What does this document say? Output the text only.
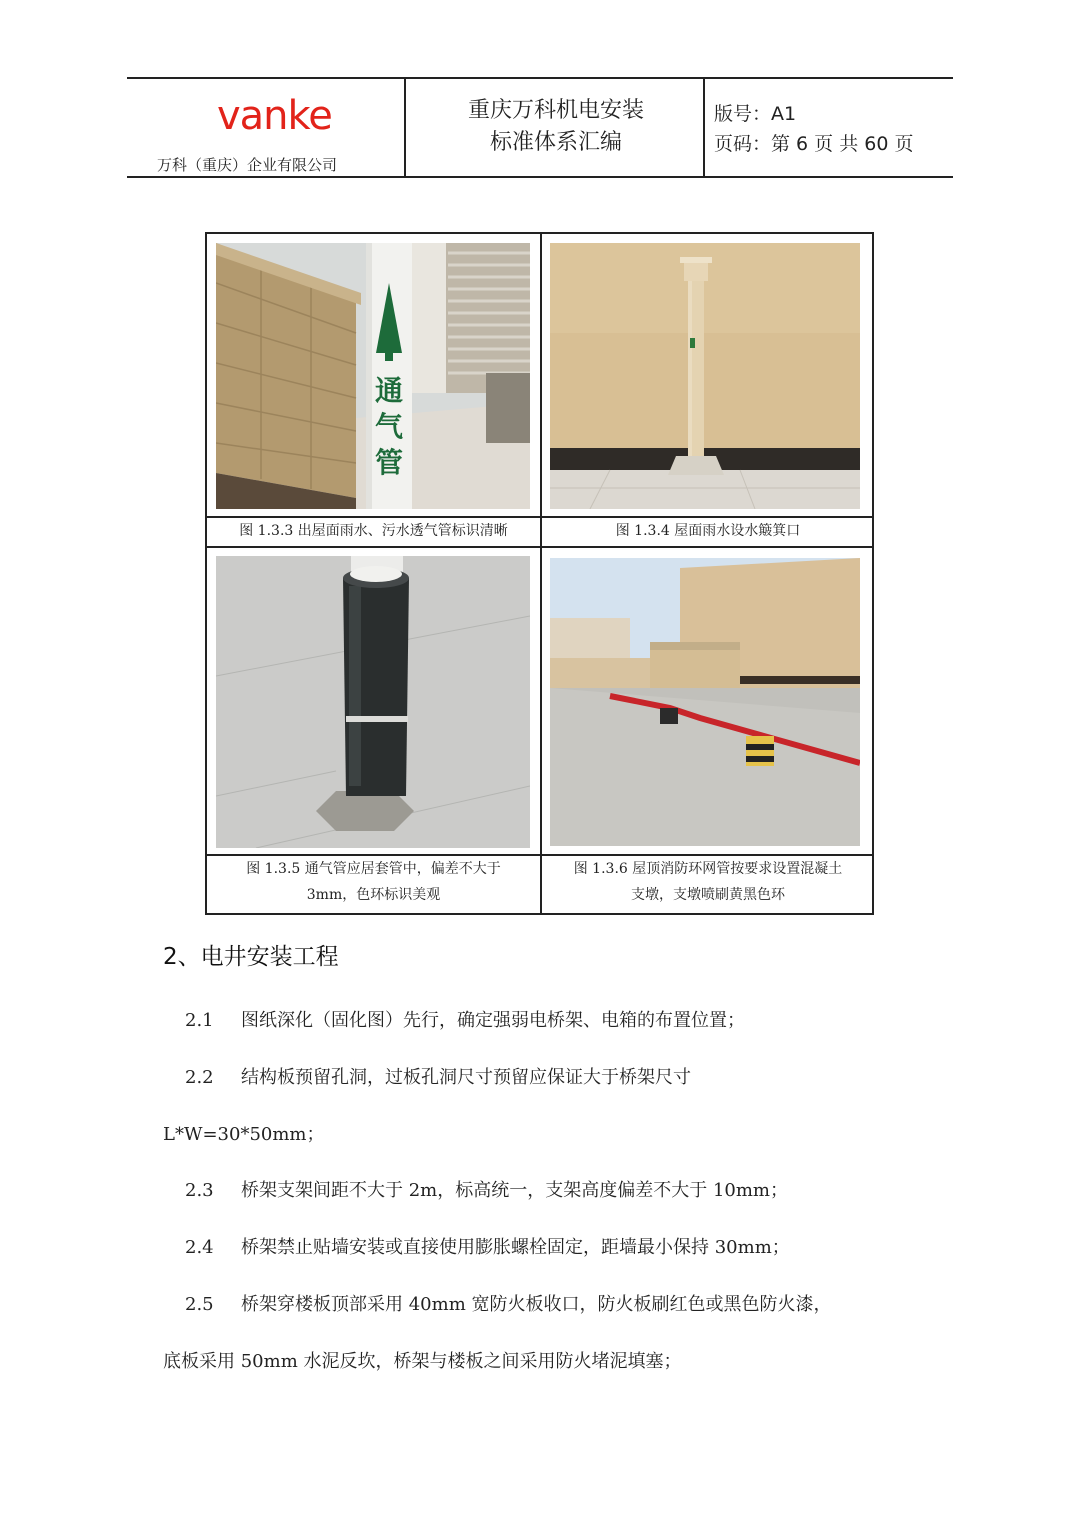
vanke
万科（重庆）企业有限公司
重庆万科机电安装
标准体系汇编
版号：A1
页码：第 6 页 共 60 页
通气管
图 1.3.3 出屋面雨水、污水透气管标识清晰	图 1.3.4 屋面雨水设水簸箕口
图 1.3.5 通气管应居套管中，偏差不大于
3mm，色环标识美观
图 1.3.6 屋顶消防环网管按要求设置混凝土
支墩，支墩喷刷黄黑色环
2、电井安装工程
2.1 图纸深化（固化图）先行，确定强弱电桥架、电箱的布置位置；
2.2 结构板预留孔洞，过板孔洞尺寸预留应保证大于桥架尺寸
L*W=30*50mm；
2.3 桥架支架间距不大于 2m，标高统一，支架高度偏差不大于 10mm；
2.4 桥架禁止贴墙安装或直接使用膨胀螺栓固定，距墙最小保持 30mm；
2.5 桥架穿楼板顶部采用 40mm 宽防火板收口，防火板刷红色或黑色防火漆，
底板采用 50mm 水泥反坎，桥架与楼板之间采用防火堵泥填塞；
